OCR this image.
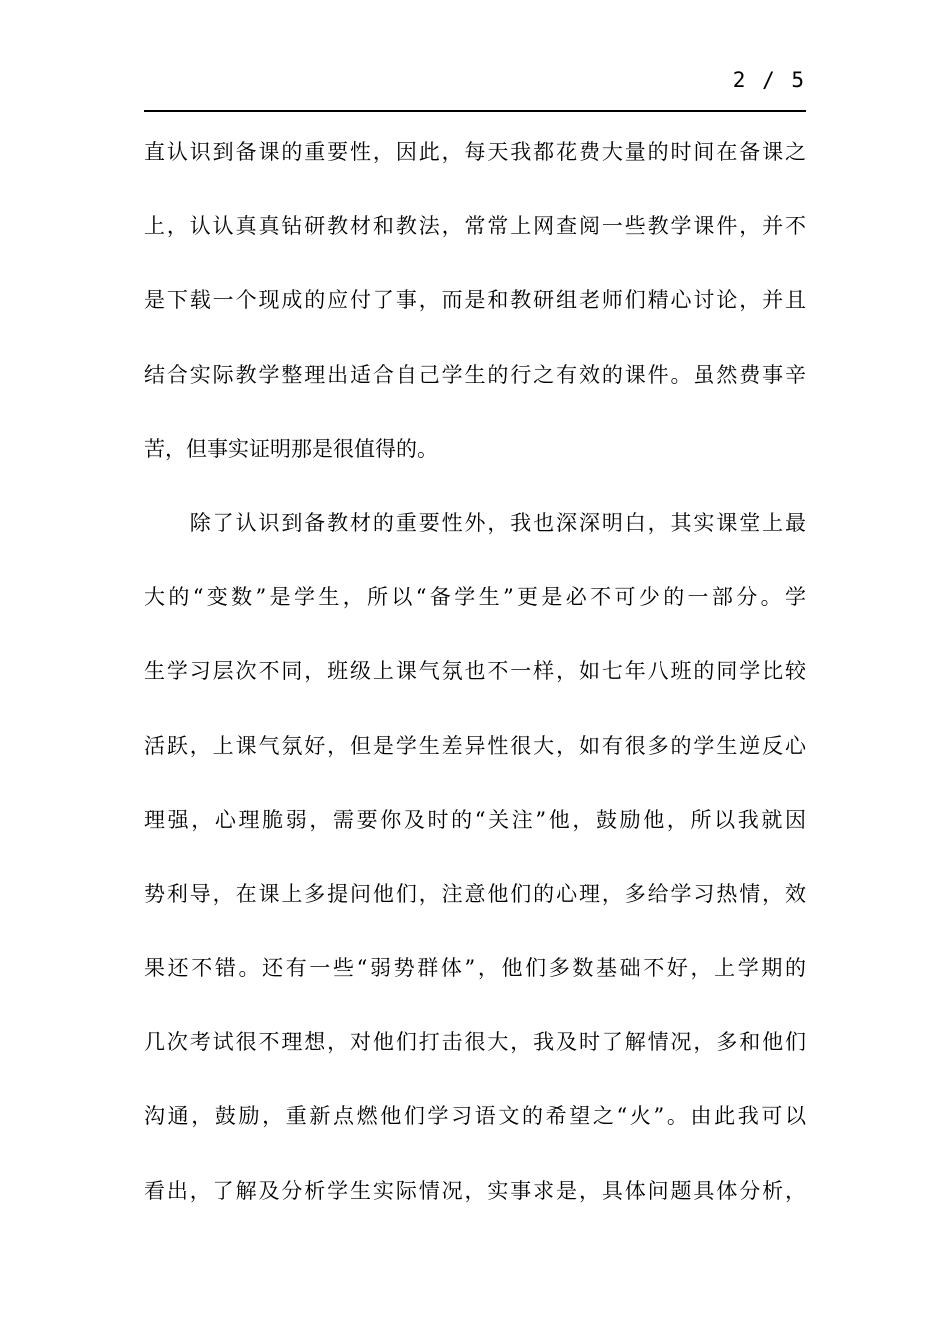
2 / 5
直认识到备课的重要性，因此，每天我都花费大量的时间在备课之
上，认认真真钻研教材和教法，常常上网查阅一些教学课件，并不
是下载一个现成的应付了事，而是和教研组老师们精心讨论，并且
结合实际教学整理出适合自己学生的行之有效的课件。虽然费事辛
苦，但事实证明那是很值得的。
　　除了认识到备教材的重要性外，我也深深明白，其实课堂上最
大的“变数”是学生，所以“备学生”更是必不可少的一部分。学
生学习层次不同，班级上课气氛也不一样，如七年八班的同学比较
活跃，上课气氛好，但是学生差异性很大，如有很多的学生逆反心
理强，心理脆弱，需要你及时的“关注”他，鼓励他，所以我就因
势利导，在课上多提问他们，注意他们的心理，多给学习热情，效
果还不错。还有一些“弱势群体”，他们多数基础不好，上学期的
几次考试很不理想，对他们打击很大，我及时了解情况，多和他们
沟通，鼓励，重新点燃他们学习语文的希望之“火”。由此我可以
看出，了解及分析学生实际情况，实事求是，具体问题具体分析，
